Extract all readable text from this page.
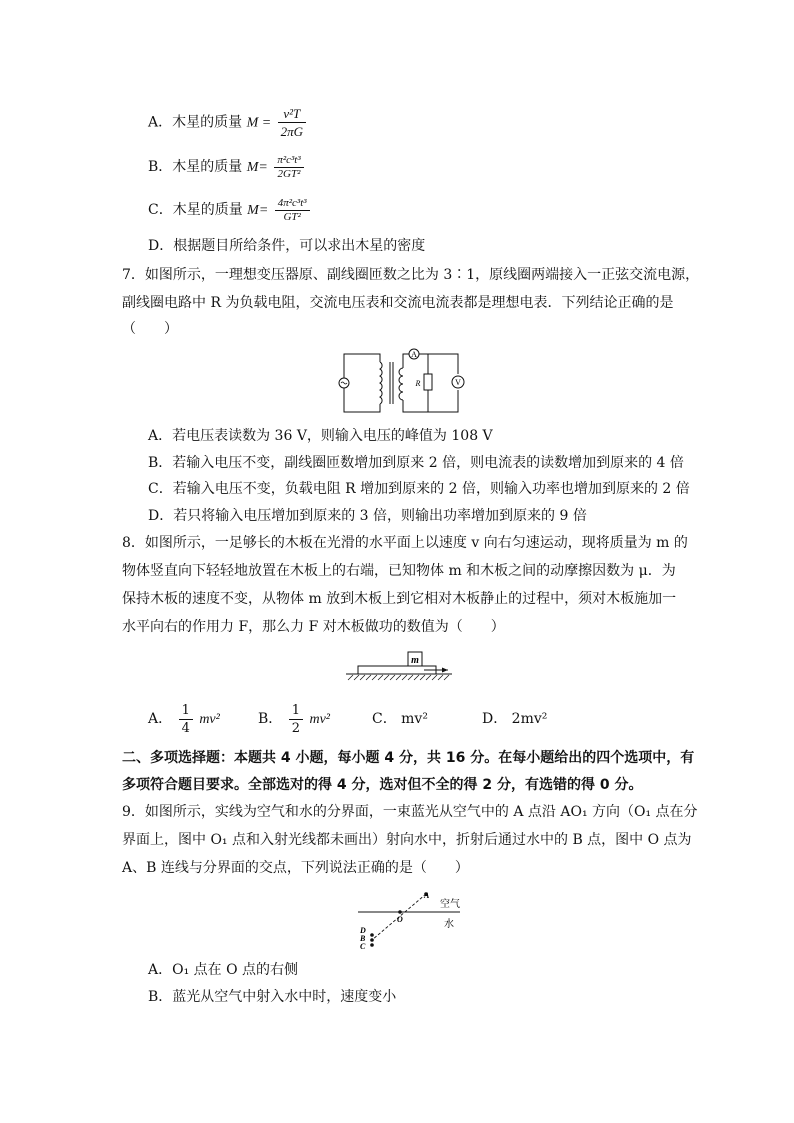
A．木星的质量 $M = \frac{\text{v²T}}{2\pi G}$
B．木星的质量 $M= \frac{\text{π²c³t³}}{\text{2GT²}}$
C．木星的质量 $M= \frac{\text{4π²c³t³}}{\text{GT²}}$
D．根据题目所给条件，可以求出木星的密度
7．如图所示，一理想变压器原、副线圈匝数之比为 3∶1，原线圈两端接入一正弦交流电源，
副线圈电路中 R 为负载电阻，交流电压表和交流电流表都是理想电表．下列结论正确的是
（　　）
A
R	V
A．若电压表读数为 36 V，则输入电压的峰值为 108 V
B．若输入电压不变，副线圈匝数增加到原来 2 倍，则电流表的读数增加到原来的 4 倍
C．若输入电压不变，负载电阻 R 增加到原来的 2 倍，则输入功率也增加到原来的 2 倍
D．若只将输入电压增加到原来的 3 倍，则输出功率增加到原来的 9 倍
8．如图所示，一足够长的木板在光滑的水平面上以速度 v 向右匀速运动，现将质量为 m 的
物体竖直向下轻轻地放置在木板上的右端，已知物体 m 和木板之间的动摩擦因数为 μ．为
保持木板的速度不变，从物体 m 放到木板上到它相对木板静止的过程中，须对木板施加一
水平向右的作用力 F，那么力 F 对木板做功的数值为（　　）
m
A． $\frac{1}{4} mv^2$	B． $\frac{1}{2} mv^2$	C． mv²	D． 2mv²
二、多项选择题：本题共 4 小题，每小题 4 分，共 16 分。在每小题给出的四个选项中，有
多项符合题目要求。全部选对的得 4 分，选对但不全的得 2 分，有选错的得 0 分。
9．如图所示，实线为空气和水的分界面，一束蓝光从空气中的 A 点沿 AO₁ 方向（O₁ 点在分
界面上，图中 O₁ 点和入射光线都未画出）射向水中，折射后通过水中的 B 点，图中 O 点为
A、B 连线与分界面的交点，下列说法正确的是（　　）
A
O
D
B
C
空气
水
A．O₁ 点在 O 点的右侧
B．蓝光从空气中射入水中时，速度变小
